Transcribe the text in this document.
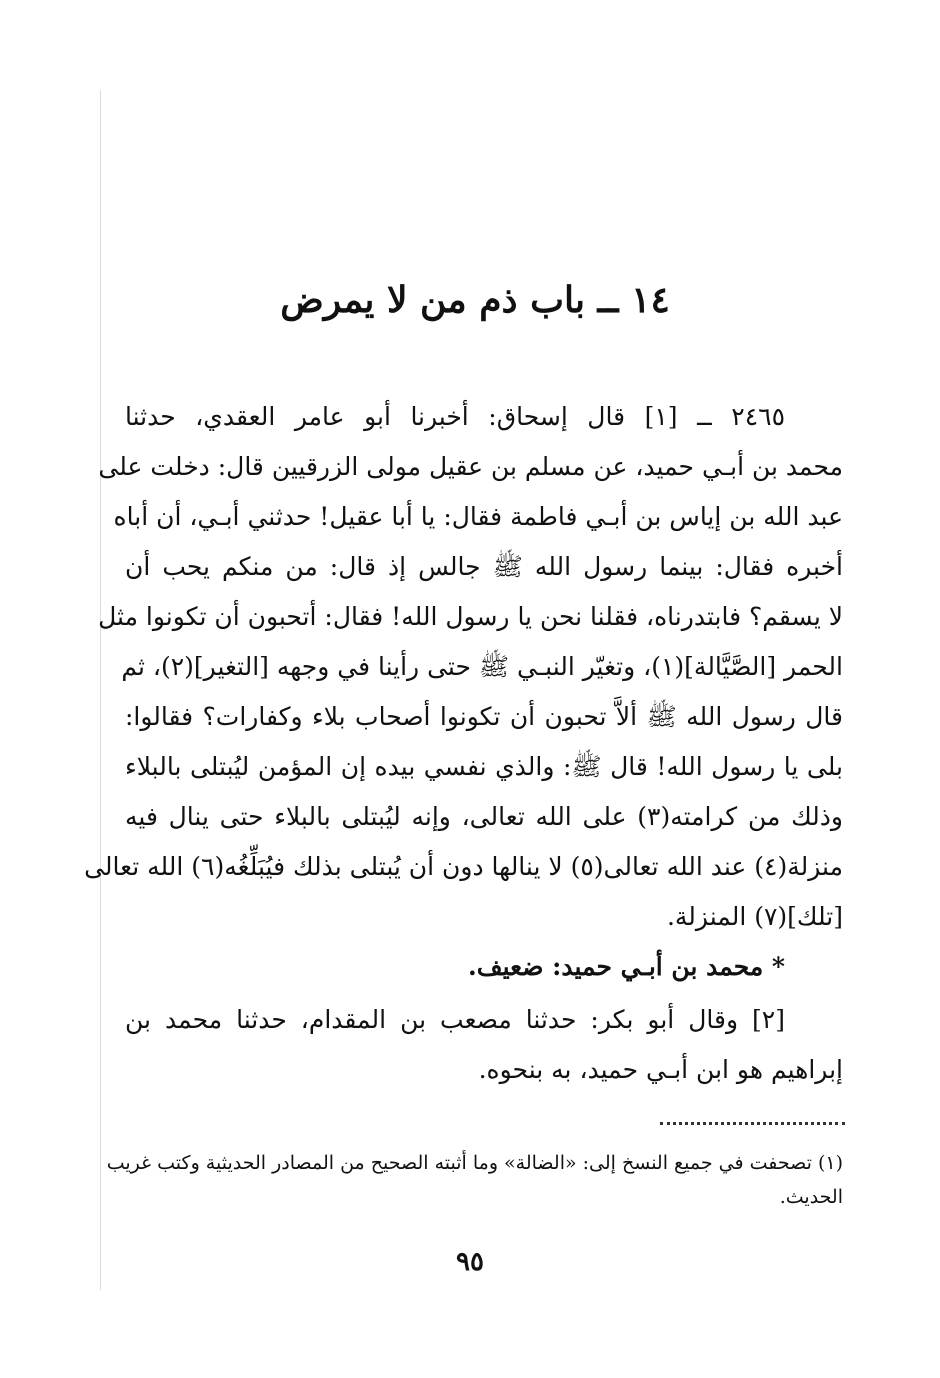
١٤ ــ باب ذم من لا يمرض
٢٤٦٥ ــ [١] قال إسحاق: أخبرنا أبو عامر العقدي، حدثنا
محمد بن أبـي حميد، عن مسلم بن عقيل مولى الزرقيين قال: دخلت على
عبد الله بن إياس بن أبـي فاطمة فقال: يا أبا عقيل! حدثني أبـي، أن أباه
أخبره فقال: بينما رسول الله ﷺ جالس إذ قال: من منكم يحب أن
لا يسقم؟ فابتدرناه، فقلنا نحن يا رسول الله! فقال: أتحبون أن تكونوا مثل
الحمر [الصَّيَّالة](١)، وتغيّر النبـي ﷺ حتى رأينا في وجهه [التغير](٢)، ثم
قال رسول الله ﷺ ألاَّ تحبون أن تكونوا أصحاب بلاء وكفارات؟ فقالوا:
بلى يا رسول الله! قال ﷺ: والذي نفسي بيده إن المؤمن ليُبتلى بالبلاء
وذلك من كرامته(٣) على الله تعالى، وإنه ليُبتلى بالبلاء حتى ينال فيه
منزلة(٤) عند الله تعالى(٥) لا ينالها دون أن يُبتلى بذلك فيُبَلِّغُه(٦) الله تعالى
[تلك](٧) المنزلة.
* محمد بن أبـي حميد: ضعيف.
[٢] وقال أبو بكر: حدثنا مصعب بن المقدام، حدثنا محمد بن
إبراهيم هو ابن أبـي حميد، به بنحوه.
(١) تصحفت في جميع النسخ إلى: «الضالة» وما أثبته الصحيح من المصادر الحديثية وكتب غريب
الحديث.
٩٥
